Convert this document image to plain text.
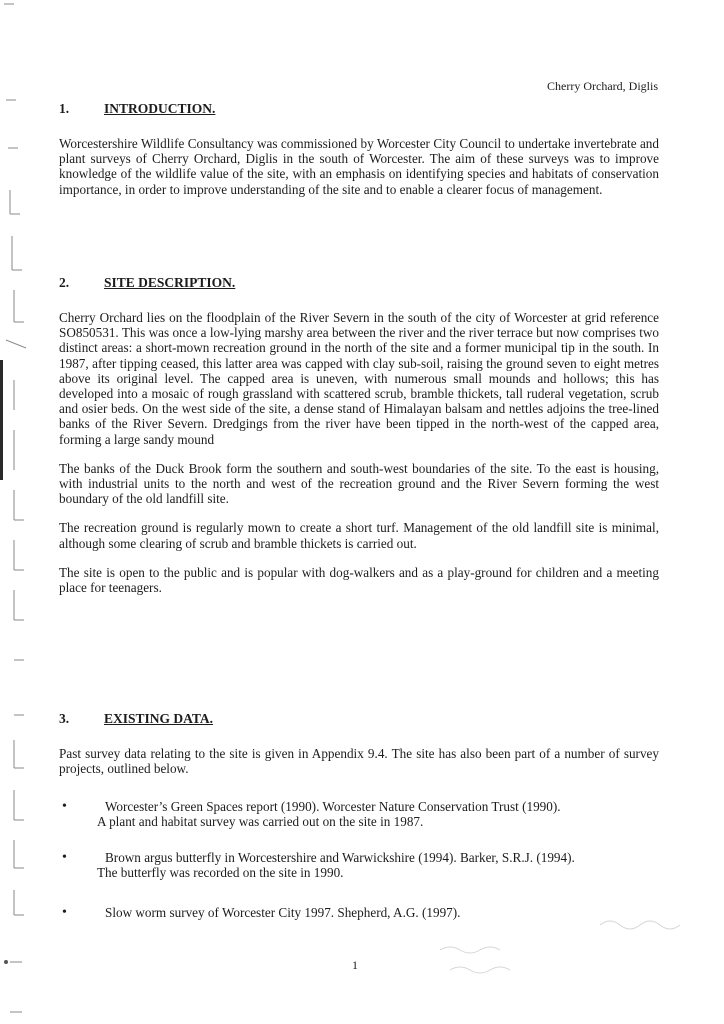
Cherry Orchard, Diglis
1.	INTRODUCTION.

Worcestershire Wildlife Consultancy was commissioned by Worcester City Council to undertake invertebrate and plant surveys of Cherry Orchard, Diglis in the south of Worcester. The aim of these surveys was to improve knowledge of the wildlife value of the site, with an emphasis on identifying species and habitats of conservation importance, in order to improve understanding of the site and to enable a clearer focus of management.

2.	SITE DESCRIPTION.

Cherry Orchard lies on the floodplain of the River Severn in the south of the city of Worcester at grid reference SO850531. This was once a low-lying marshy area between the river and the river terrace but now comprises two distinct areas: a short-mown recreation ground in the north of the site and a former municipal tip in the south. In 1987, after tipping ceased, this latter area was capped with clay sub-soil, raising the ground seven to eight metres above its original level. The capped area is uneven, with numerous small mounds and hollows; this has developed into a mosaic of rough grassland with scattered scrub, bramble thickets, tall ruderal vegetation, scrub and osier beds. On the west side of the site, a dense stand of Himalayan balsam and nettles adjoins the tree-lined banks of the River Severn. Dredgings from the river have been tipped in the north-west of the capped area, forming a large sandy mound

The banks of the Duck Brook form the southern and south-west boundaries of the site. To the east is housing, with industrial units to the north and west of the recreation ground and the River Severn forming the west boundary of the old landfill site.

The recreation ground is regularly mown to create a short turf. Management of the old landfill site is minimal, although some clearing of scrub and bramble thickets is carried out.

The site is open to the public and is popular with dog-walkers and as a play-ground for children and a meeting place for teenagers.

3.	EXISTING DATA.

Past survey data relating to the site is given in Appendix 9.4. The site has also been part of a number of survey projects, outlined below.

•	Worcester’s Green Spaces report (1990). Worcester Nature Conservation Trust (1990).
A plant and habitat survey was carried out on the site in 1987.
•	Brown argus butterfly in Worcestershire and Warwickshire (1994). Barker, S.R.J. (1994).
The butterfly was recorded on the site in 1990.
•	Slow worm survey of Worcester City 1997. Shepherd, A.G. (1997).
1
